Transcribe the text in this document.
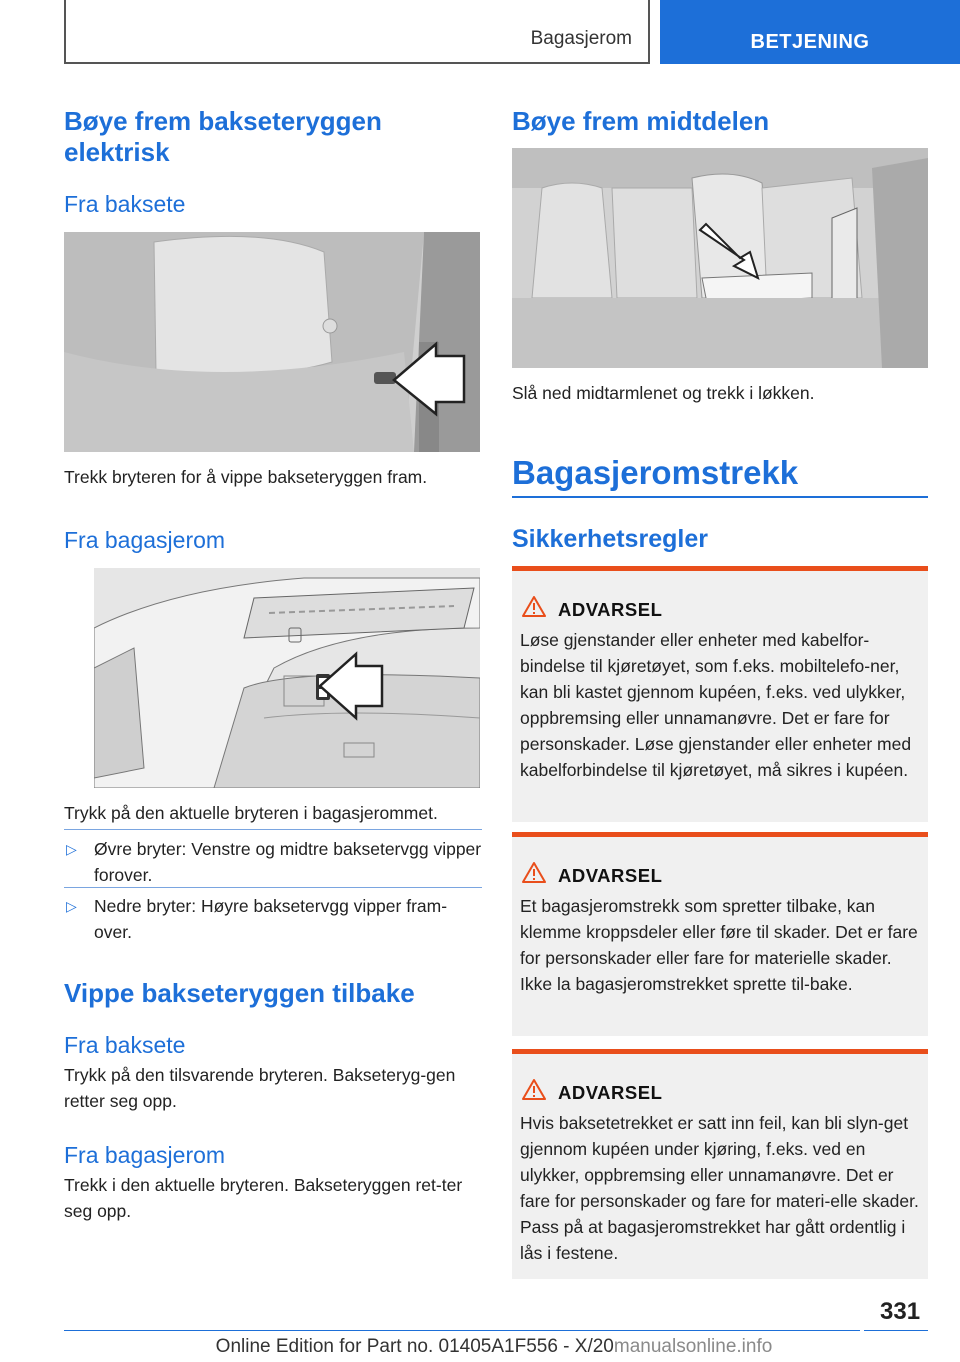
Bagasjerom	BETJENING
Bøye frem bakseteryggen elektrisk
Fra baksete
Trekk bryteren for å vippe bakseteryggen fram.
Fra bagasjerom
Trykk på den aktuelle bryteren i bagasjerommet.
▷ Øvre bryter: Venstre og midtre baksetervgg vipper forover.
▷ Nedre bryter: Høyre baksetervgg vipper fram-over.
Vippe bakseteryggen tilbake
Fra baksete
Trykk på den tilsvarende bryteren. Bakseteryg-gen retter seg opp.
Fra bagasjerom
Trekk i den aktuelle bryteren. Bakseteryggen ret-ter seg opp.
Bøye frem midtdelen
Slå ned midtarmlenet og trekk i løkken.
Bagasjeromstrekk
Sikkerhetsregler
ADVARSEL
Løse gjenstander eller enheter med kabelfor-bindelse til kjøretøyet, som f.eks. mobiltelefo-ner, kan bli kastet gjennom kupéen, f.eks. ved ulykker, oppbremsing eller unnamanøvre. Det er fare for personskader. Løse gjenstander eller enheter med kabelforbindelse til kjøretøyet, må sikres i kupéen.
ADVARSEL
Et bagasjeromstrekk som spretter tilbake, kan klemme kroppsdeler eller føre til skader. Det er fare for personskader eller fare for materielle skader. Ikke la bagasjeromstrekket sprette til-bake.
ADVARSEL
Hvis baksetetrekket er satt inn feil, kan bli slyn-get gjennom kupéen under kjøring, f.eks. ved en ulykker, oppbremsing eller unnamanøvre. Det er fare for personskader og fare for materi-elle skader. Pass på at bagasjeromstrekket har gått ordentlig i lås i festene.
331
Online Edition for Part no. 01405A1F556 - X/20manualsonline.info
